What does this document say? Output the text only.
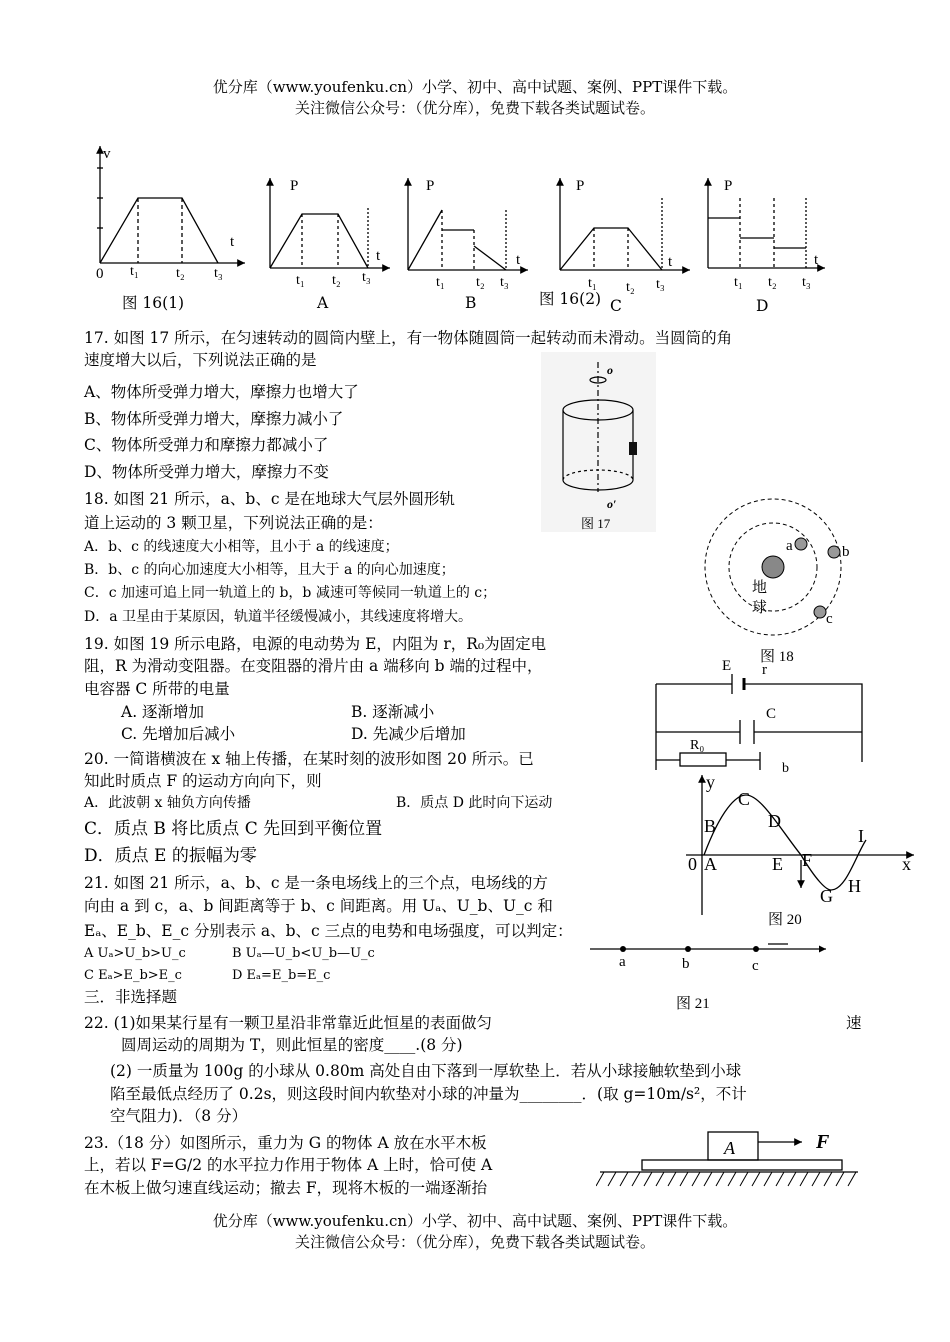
优分库（www.youfenku.cn）小学、初中、高中试题、案例、PPT课件下载。
关注微信公众号：（优分库），免费下载各类试题试卷。
v
t
0 t₁	t₂ t₃
P
t
t₁ t₂ t₃
P
t
t₁ t₂ t₃
P
t
t₁ t₂ t₃
P
t
t₁ t₂ t₃
图 16(1)	A	B	图 16(2) C	D
17. 如图 17 所示，在匀速转动的圆筒内壁上，有一物体随圆筒一起转动而未滑动。当圆筒的角
速度增大以后，下列说法正确的是
A、物体所受弹力增大，摩擦力也增大了
B、物体所受弹力增大，摩擦力减小了
C、物体所受弹力和摩擦力都减小了
D、物体所受弹力增大，摩擦力不变
o
o′
图 17
18. 如图 21 所示，a、b、c 是在地球大气层外圆形轨
道上运动的 3 颗卫星，下列说法正确的是：
A．b、c 的线速度大小相等，且小于 a 的线速度；
B．b、c 的向心加速度大小相等，且大于 a 的向心加速度；
C．c 加速可追上同一轨道上的 b，b 减速可等候同一轨道上的 c；
D．a 卫星由于某原因，轨道半径缓慢减小，其线速度将增大。
a	b
c
地
球
图 18
19. 如图 19 所示电路，电源的电动势为 E，内阻为 r，R₀为固定电
阻，R 为滑动变阻器。在变阻器的滑片由 a 端移向 b 端的过程中，
电容器 C 所带的电量
A. 逐渐增加	B. 逐渐减小
C. 先增加后减小	D. 先减少后增加
E r
C
R₀
b
20. 一简谐横波在 x 轴上传播，在某时刻的波形如图 20 所示。已
知此时质点 F 的运动方向向下，则
A．此波朝 x 轴负方向传播	B．质点 D 此时向下运动
C．质点 B 将比质点 C 先回到平衡位置
D．质点 E 的振幅为零
y
x
0 A
B
C
D
E F
G H
I
图 20
21. 如图 21 所示，a、b、c 是一条电场线上的三个点，电场线的方
向由 a 到 c，a、b 间距离等于 b、c 间距离。用 Uₐ、U_b、U_c 和
Eₐ、E_b、E_c 分别表示 a、b、c 三点的电势和电场强度，可以判定：
A Uₐ>U_b>U_c	B Uₐ—U_b<U_b—U_c
C Eₐ>E_b>E_c	D Eₐ=E_b=E_c
a	b	c
图 21
三．非选择题
22. (1)如果某行星有一颗卫星沿非常靠近此恒星的表面做匀	速
圆周运动的周期为 T，则此恒星的密度____.(8 分)
(2) 一质量为 100g 的小球从 0.80m 高处自由下落到一厚软垫上．若从小球接触软垫到小球
陷至最低点经历了 0.2s，则这段时间内软垫对小球的冲量为________．(取 g=10m/s²，不计
空气阻力)．（8 分）
23.（18 分）如图所示，重力为 G 的物体 A 放在水平木板
上，若以 F=G/2 的水平拉力作用于物体 A 上时，恰可使 A
在木板上做匀速直线运动；撤去 F，现将木板的一端逐渐抬
A	F
优分库（www.youfenku.cn）小学、初中、高中试题、案例、PPT课件下载。
关注微信公众号：（优分库），免费下载各类试题试卷。
